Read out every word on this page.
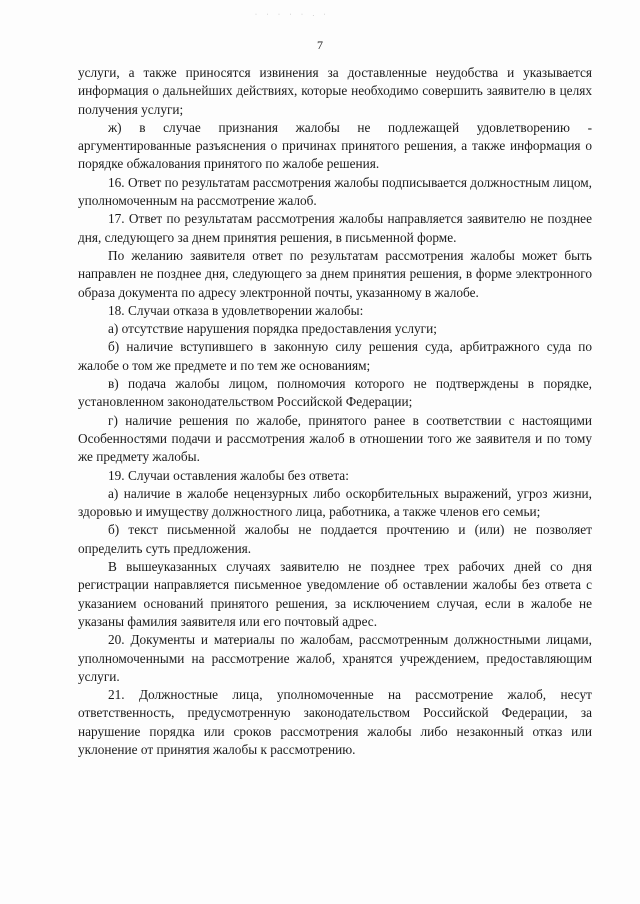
· · · · · . ·
7

услуги, а также приносятся извинения за доставленные неудобства и указывается информация о дальнейших действиях, которые необходимо совершить заявителю в целях получения услуги;

ж) в случае признания жалобы не подлежащей удовлетворению - аргументированные разъяснения о причинах принятого решения, а также информация о порядке обжалования принятого по жалобе решения.

16. Ответ по результатам рассмотрения жалобы подписывается должностным лицом, уполномоченным на рассмотрение жалоб.

17. Ответ по результатам рассмотрения жалобы направляется заявителю не позднее дня, следующего за днем принятия решения, в письменной форме.

По желанию заявителя ответ по результатам рассмотрения жалобы может быть направлен не позднее дня, следующего за днем принятия решения, в форме электронного образа документа по адресу электронной почты, указанному в жалобе.

18. Случаи отказа в удовлетворении жалобы:

а) отсутствие нарушения порядка предоставления услуги;

б) наличие вступившего в законную силу решения суда, арбитражного суда по жалобе о том же предмете и по тем же основаниям;

в) подача жалобы лицом, полномочия которого не подтверждены в порядке, установленном законодательством Российской Федерации;

г) наличие решения по жалобе, принятого ранее в соответствии с настоящими Особенностями подачи и рассмотрения жалоб в отношении того же заявителя и по тому же предмету жалобы.

19. Случаи оставления жалобы без ответа:

а) наличие в жалобе нецензурных либо оскорбительных выражений, угроз жизни, здоровью и имуществу должностного лица, работника, а также членов его семьи;

б) текст письменной жалобы не поддается прочтению и (или) не позволяет определить суть предложения.

В вышеуказанных случаях заявителю не позднее трех рабочих дней со дня регистрации направляется письменное уведомление об оставлении жалобы без ответа с указанием оснований принятого решения, за исключением случая, если в жалобе не указаны фамилия заявителя или его почтовый адрес.

20. Документы и материалы по жалобам, рассмотренным должностными лицами, уполномоченными на рассмотрение жалоб, хранятся учреждением, предоставляющим услуги.

21. Должностные лица, уполномоченные на рассмотрение жалоб, несут ответственность, предусмотренную законодательством Российской Федерации, за нарушение порядка или сроков рассмотрения жалобы либо незаконный отказ или уклонение от принятия жалобы к рассмотрению.
